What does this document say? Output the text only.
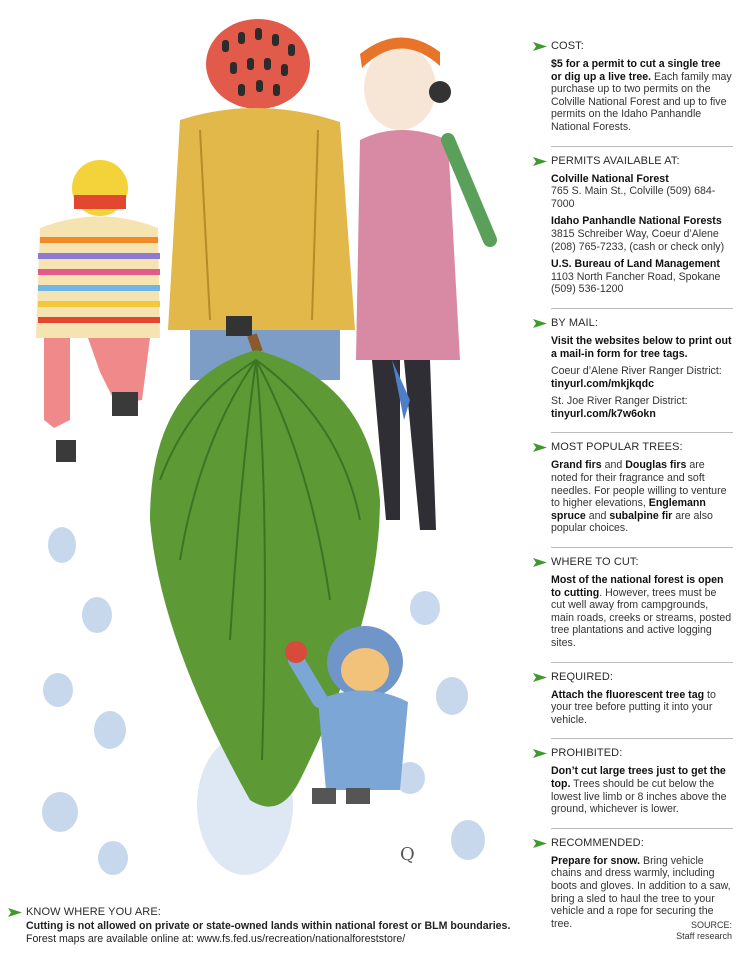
Q
COST:
$5 for a permit to cut a single tree or dig up a live tree. Each family may purchase up to two permits on the Colville National Forest and up to five permits on the Idaho Panhandle National Forests.
PERMITS AVAILABLE AT:
Colville National Forest
765 S. Main St., Colville (509) 684-7000
Idaho Panhandle National Forests
3815 Schreiber Way, Coeur d’Alene (208) 765-7233, (cash or check only)
U.S. Bureau of Land Management
1103 North Fancher Road, Spokane (509) 536-1200
BY MAIL:
Visit the websites below to print out a mail-in form for tree tags.
Coeur d’Alene River Ranger District:
tinyurl.com/mkjkqdc
St. Joe River Ranger District:
tinyurl.com/k7w6okn
MOST POPULAR TREES:
Grand firs and Douglas firs are noted for their fragrance and soft needles. For people willing to venture to higher elevations, Englemann spruce and subalpine fir are also popular choices.
WHERE TO CUT:
Most of the national forest is open to cutting. However, trees must be cut well away from campgrounds, main roads, creeks or streams, posted tree plantations and active logging sites.
REQUIRED:
Attach the fluorescent tree tag to your tree before putting it into your vehicle.
PROHIBITED:
Don’t cut large trees just to get the top. Trees should be cut below the lowest live limb or 8 inches above the ground, whichever is lower.
RECOMMENDED:
Prepare for snow. Bring vehicle chains and dress warmly, including boots and gloves. In addition to a saw, bring a sled to haul the tree to your vehicle and a rope for securing the tree.
KNOW WHERE YOU ARE:
Cutting is not allowed on private or state-owned lands within national forest or BLM boundaries.
Forest maps are available online at: www.fs.fed.us/recreation/nationalforeststore/
SOURCE:
Staff research
